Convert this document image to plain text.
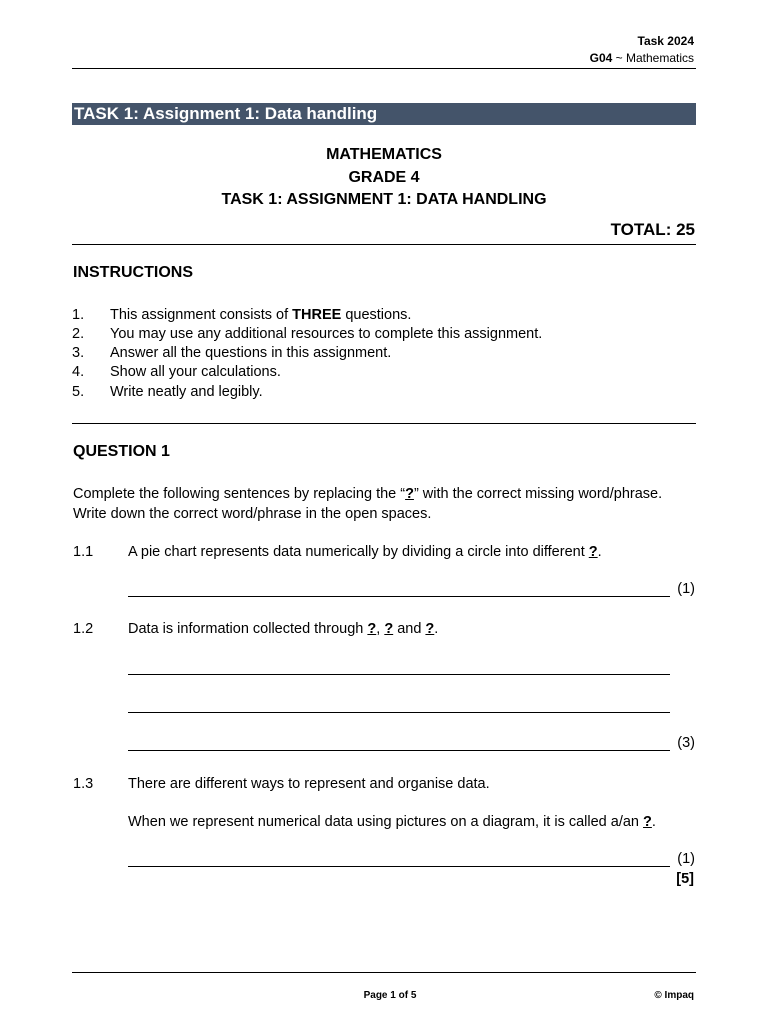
Task 2024
G04 ~ Mathematics
TASK 1: Assignment 1: Data handling
MATHEMATICS
GRADE 4
TASK 1: ASSIGNMENT 1: DATA HANDLING
TOTAL: 25
INSTRUCTIONS
1. This assignment consists of THREE questions.
2. You may use any additional resources to complete this assignment.
3. Answer all the questions in this assignment.
4. Show all your calculations.
5. Write neatly and legibly.
QUESTION 1
Complete the following sentences by replacing the “?” with the correct missing word/phrase.
Write down the correct word/phrase in the open spaces.
1.1 A pie chart represents data numerically by dividing a circle into different ?.
(1)
1.2 Data is information collected through ?, ? and ?.
(3)
1.3 There are different ways to represent and organise data.
When we represent numerical data using pictures on a diagram, it is called a/an ?.
(1)
[5]
Page 1 of 5	© Impaq
